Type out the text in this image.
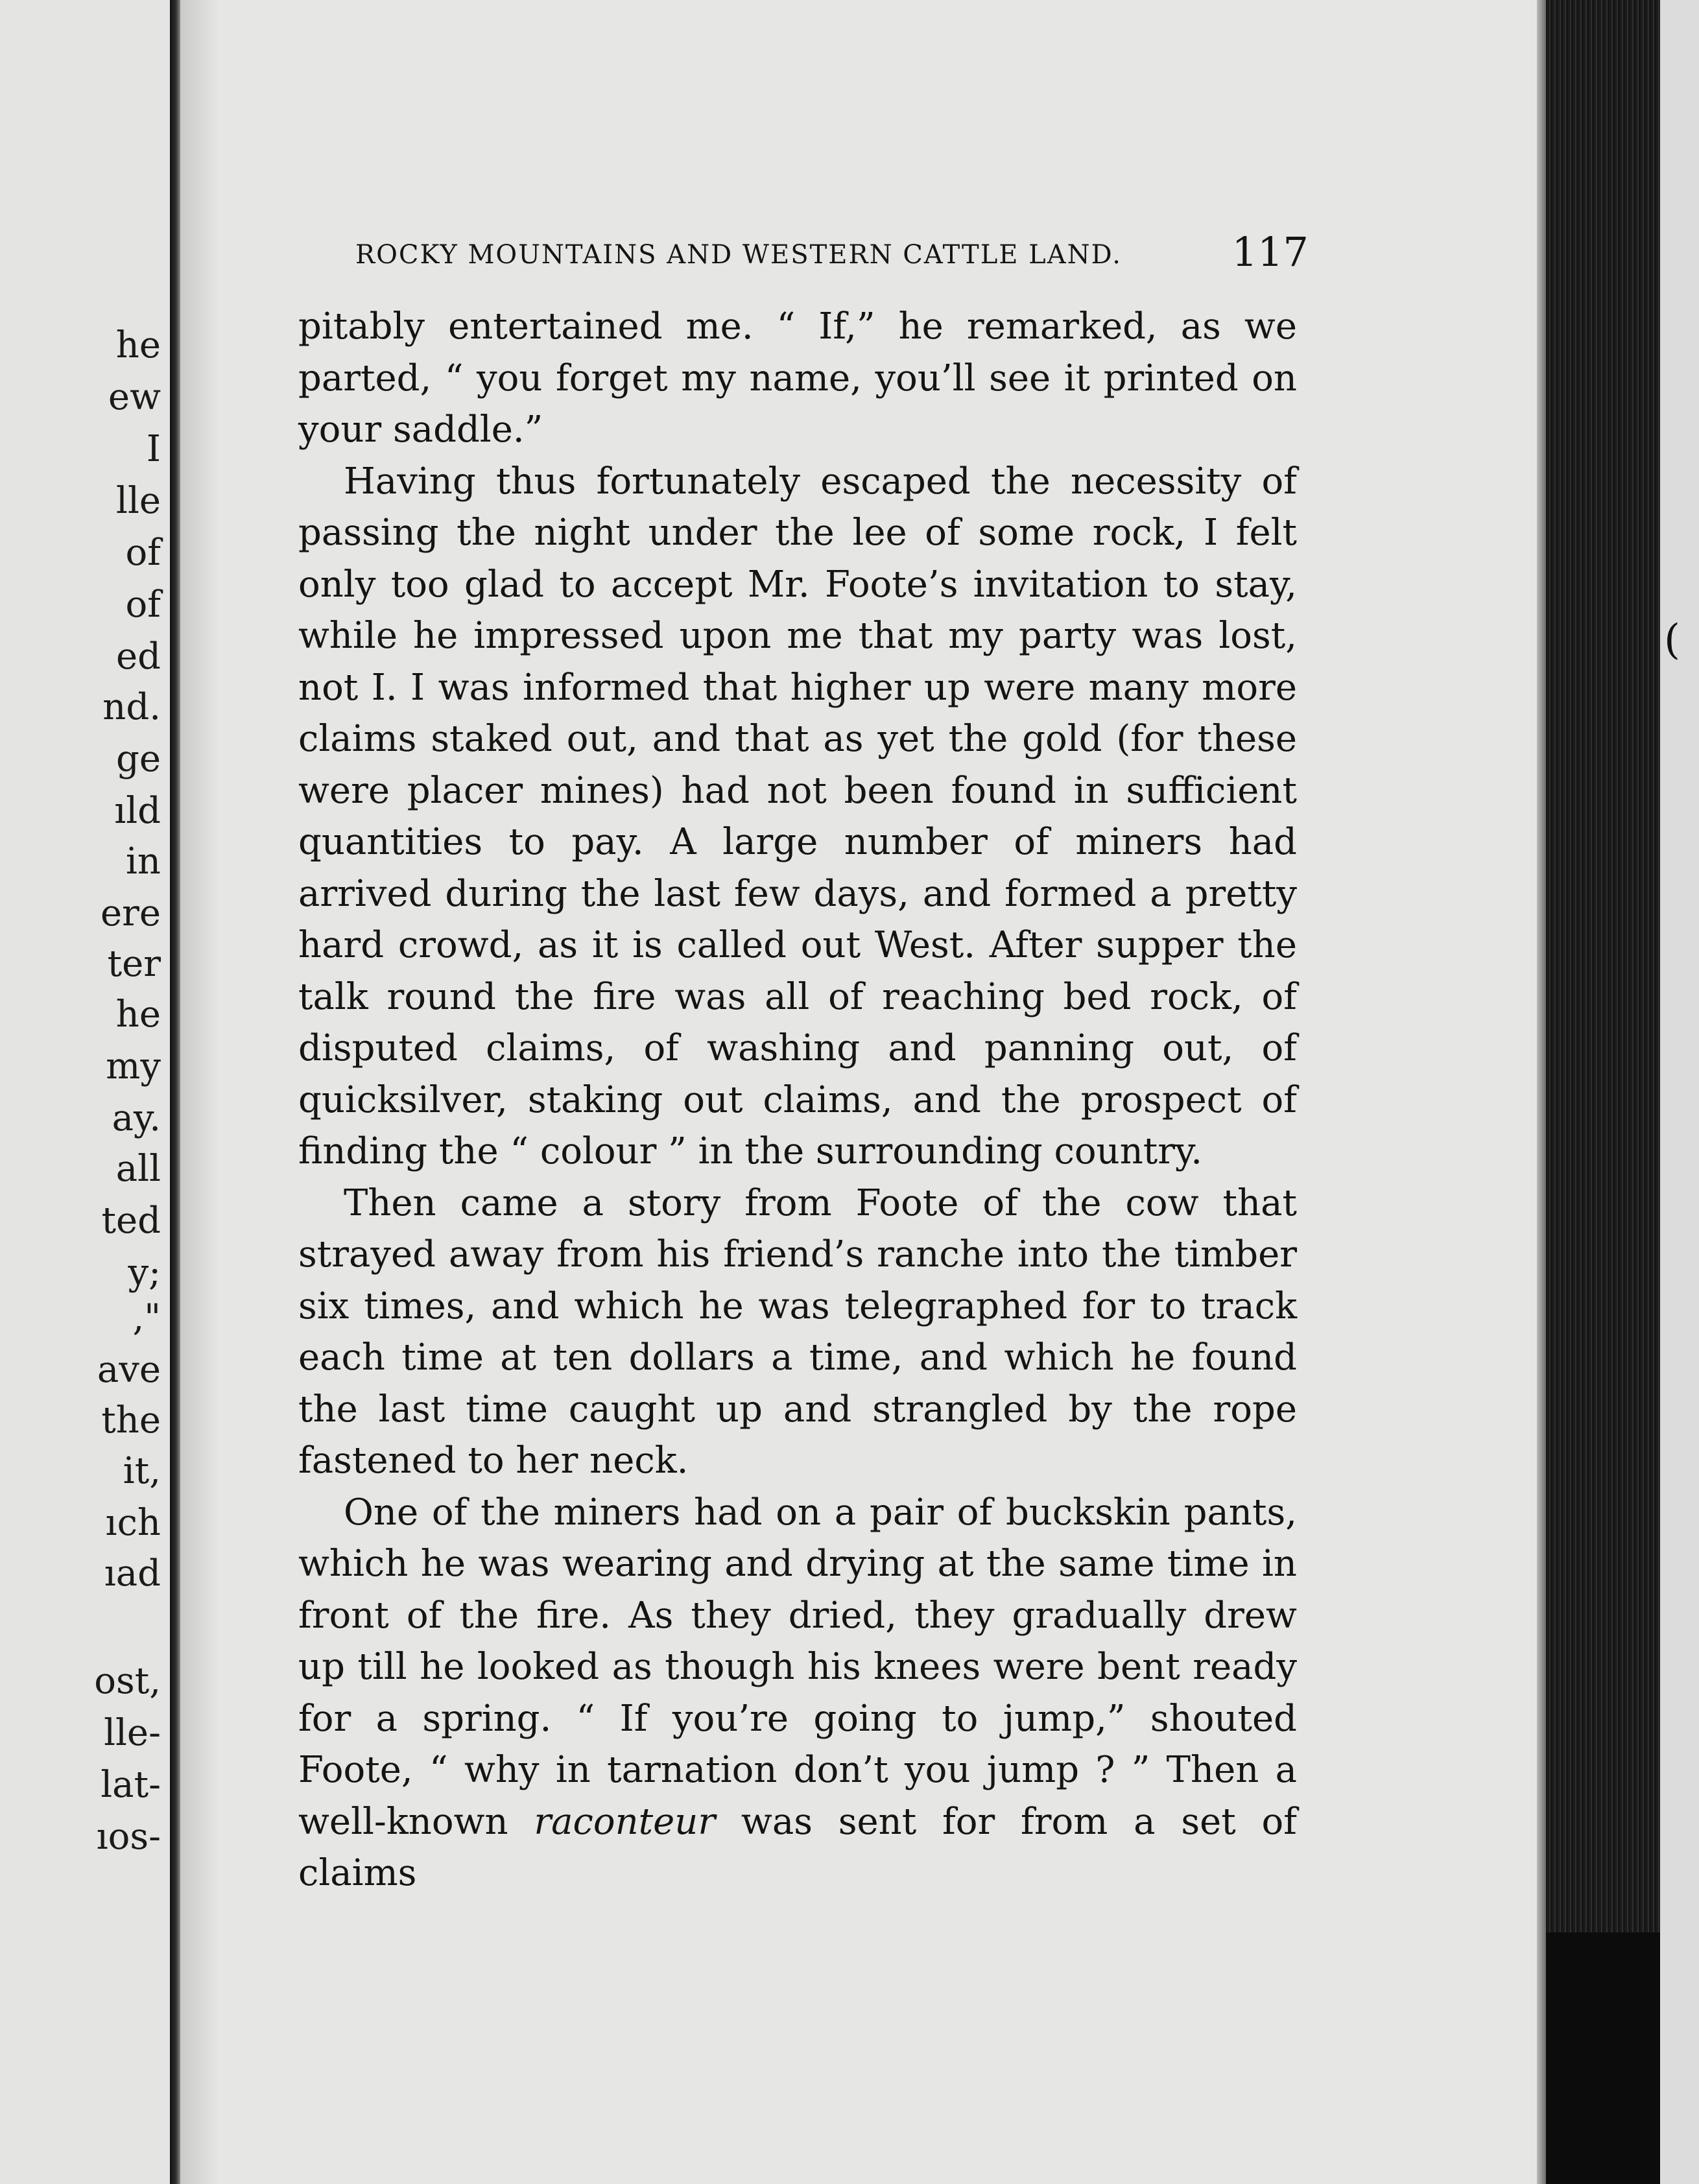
he
ew
I
lle
of
of
ed
nd.
ge
ıld
in
ere
ter
he
my
ay.
all
ted
y;
,"
ave
the
it,
ıch
ıad
ost,
lle-
lat-
ıos-
ROCKY MOUNTAINS AND WESTERN CATTLE LAND.	117

pitably entertained me. “ If,” he remarked, as we parted, “ you forget my name, you’ll see it printed on your saddle.”

Having thus fortunately escaped the necessity of passing the night under the lee of some rock, I felt only too glad to accept Mr. Foote’s invitation to stay, while he impressed upon me that my party was lost, not I. I was informed that higher up were many more claims staked out, and that as yet the gold (for these were placer mines) had not been found in sufficient quantities to pay. A large number of miners had arrived during the last few days, and formed a pretty hard crowd, as it is called out West. After supper the talk round the fire was all of reaching bed rock, of disputed claims, of washing and panning out, of quicksilver, staking out claims, and the prospect of finding the “ colour ” in the surrounding country.

Then came a story from Foote of the cow that strayed away from his friend’s ranche into the timber six times, and which he was telegraphed for to track each time at ten dollars a time, and which he found the last time caught up and strangled by the rope fastened to her neck.

One of the miners had on a pair of buckskin pants, which he was wearing and drying at the same time in front of the fire. As they dried, they gradually drew up till he looked as though his knees were bent ready for a spring. “ If you’re going to jump,” shouted Foote, “ why in tarnation don’t you jump ? ” Then a well-known raconteur was sent for from a set of claims

(
